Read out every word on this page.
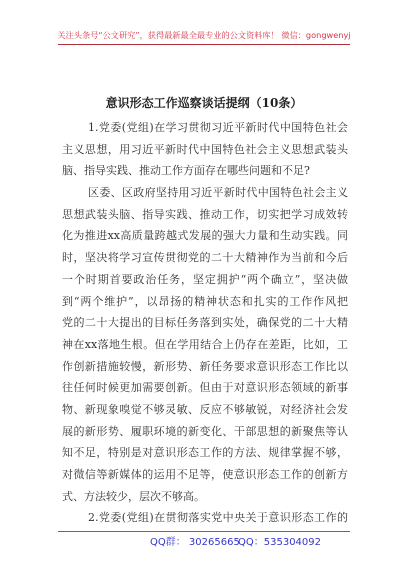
关注头条号“公文研究”，获得最新最全最专业的公文资料库！ 微信：gongwenyj
意识形态工作巡察谈话提纲（10条）
1.党委(党组)在学习贯彻习近平新时代中国特色社会
主义思想，用习近平新时代中国特色社会主义思想武装头
脑、指导实践、推动工作方面存在哪些问题和不足?
区委、区政府坚持用习近平新时代中国特色社会主义
思想武装头脑、指导实践、推动工作，切实把学习成效转
化为推进xx高质量跨越式发展的强大力量和生动实践。同
时，坚决将学习宣传贯彻党的二十大精神作为当前和今后
一个时期首要政治任务，坚定拥护“两个确立”，坚决做
到“两个维护”，以昂扬的精神状态和扎实的工作作风把
党的二十大提出的目标任务落到实处，确保党的二十大精
神在xx落地生根。但在学用结合上仍存在差距，比如，工
作创新措施较慢，新形势、新任务要求意识形态工作比以
往任何时候更加需要创新。但由于对意识形态领域的新事
物、新现象嗅觉不够灵敏、反应不够敏锐，对经济社会发
展的新形势、履职环境的新变化、干部思想的新聚焦等认
知不足，特别是对意识形态工作的方法、规律掌握不够，
对微信等新媒体的运用不足等，使意识形态工作的创新方
式、方法较少，层次不够高。
2.党委(党组)在贯彻落实党中央关于意识形态工作的
QQ群： 30265665
QQ：535304092
